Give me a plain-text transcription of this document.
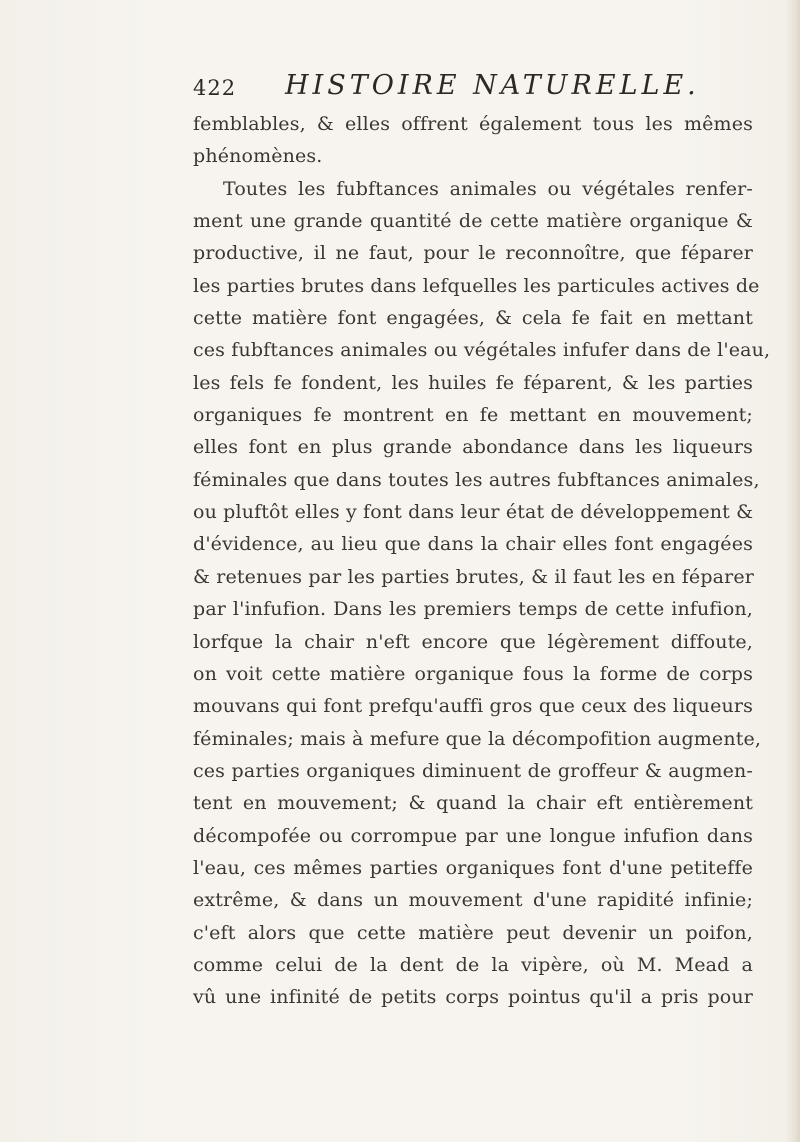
422 HISTOIRE NATURELLE.
femblables, & elles offrent également tous les mêmes
phénomènes.
Toutes les fubftances animales ou végétales renfer-
ment une grande quantité de cette matière organique &
productive, il ne faut, pour le reconnoître, que féparer
les parties brutes dans lefquelles les particules actives de
cette matière font engagées, & cela fe fait en mettant
ces fubftances animales ou végétales infufer dans de l'eau,
les fels fe fondent, les huiles fe féparent, & les parties
organiques fe montrent en fe mettant en mouvement;
elles font en plus grande abondance dans les liqueurs
féminales que dans toutes les autres fubftances animales,
ou pluftôt elles y font dans leur état de développement &
d'évidence, au lieu que dans la chair elles font engagées
& retenues par les parties brutes, & il faut les en féparer
par l'infufion. Dans les premiers temps de cette infufion,
lorfque la chair n'eft encore que légèrement diffoute,
on voit cette matière organique fous la forme de corps
mouvans qui font prefqu'auffi gros que ceux des liqueurs
féminales; mais à mefure que la décompofition augmente,
ces parties organiques diminuent de groffeur & augmen-
tent en mouvement; & quand la chair eft entièrement
décompofée ou corrompue par une longue infufion dans
l'eau, ces mêmes parties organiques font d'une petiteffe
extrême, & dans un mouvement d'une rapidité infinie;
c'eft alors que cette matière peut devenir un poifon,
comme celui de la dent de la vipère, où M. Mead a
vû une infinité de petits corps pointus qu'il a pris pour
